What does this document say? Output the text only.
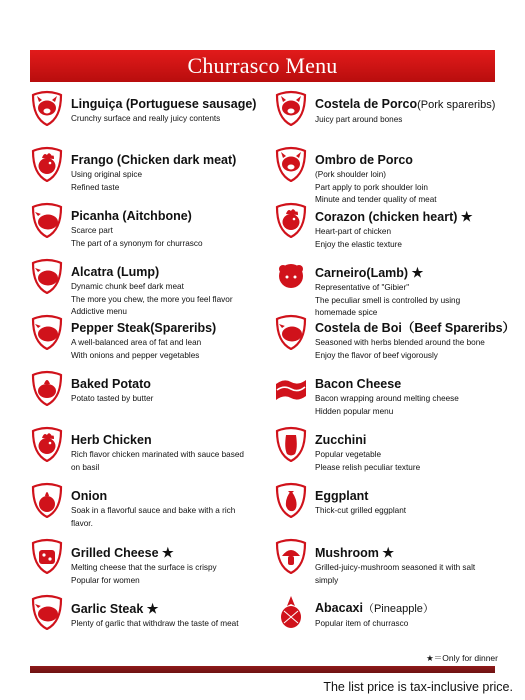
Churrasco Menu
Linguiça (Portuguese sausage)
Crunchy surface and really juicy contents
Frango (Chicken dark meat)
Using original spice
Refined taste
Picanha (Aitchbone)
Scarce part
The part of a synonym for churrasco
Alcatra (Lump)
Dynamic chunk beef dark meat
The more you chew, the more you feel flavor
Addictive menu
Pepper Steak(Spareribs)
A well-balanced area of fat and lean
With onions and pepper vegetables
Baked Potato
Potato tasted by butter
Herb Chicken
Rich flavor chicken marinated with sauce based
on basil
Onion
Soak in a flavorful sauce and bake with a rich
flavor.
Grilled Cheese ★
Melting cheese that the surface is crispy
Popular for women
Garlic Steak ★
Plenty of garlic that withdraw the taste of meat
Costela de Porco(Pork spareribs)
Juicy part around bones
Ombro de Porco
(Pork shoulder loin)
Part apply to pork shoulder loin
Minute and tender quality of meat
Corazon (chicken heart) ★
Heart-part of chicken
Enjoy the elastic texture
Carneiro(Lamb) ★
Representative of "Gibier"
The peculiar smell is controlled by using
homemade spice
Costela de Boi（Beef Spareribs）
Seasoned with herbs blended around the bone
Enjoy the flavor of beef vigorously
Bacon Cheese
Bacon wrapping around melting cheese
Hidden popular menu
Zucchini
Popular vegetable
Please relish peculiar texture
Eggplant
Thick-cut grilled eggplant
Mushroom ★
Grilled-juicy-mushroom seasoned it with salt
simply
Abacaxi（Pineapple）
Popular item of churrasco
★＝Only for dinner
The list price is tax-inclusive price.
